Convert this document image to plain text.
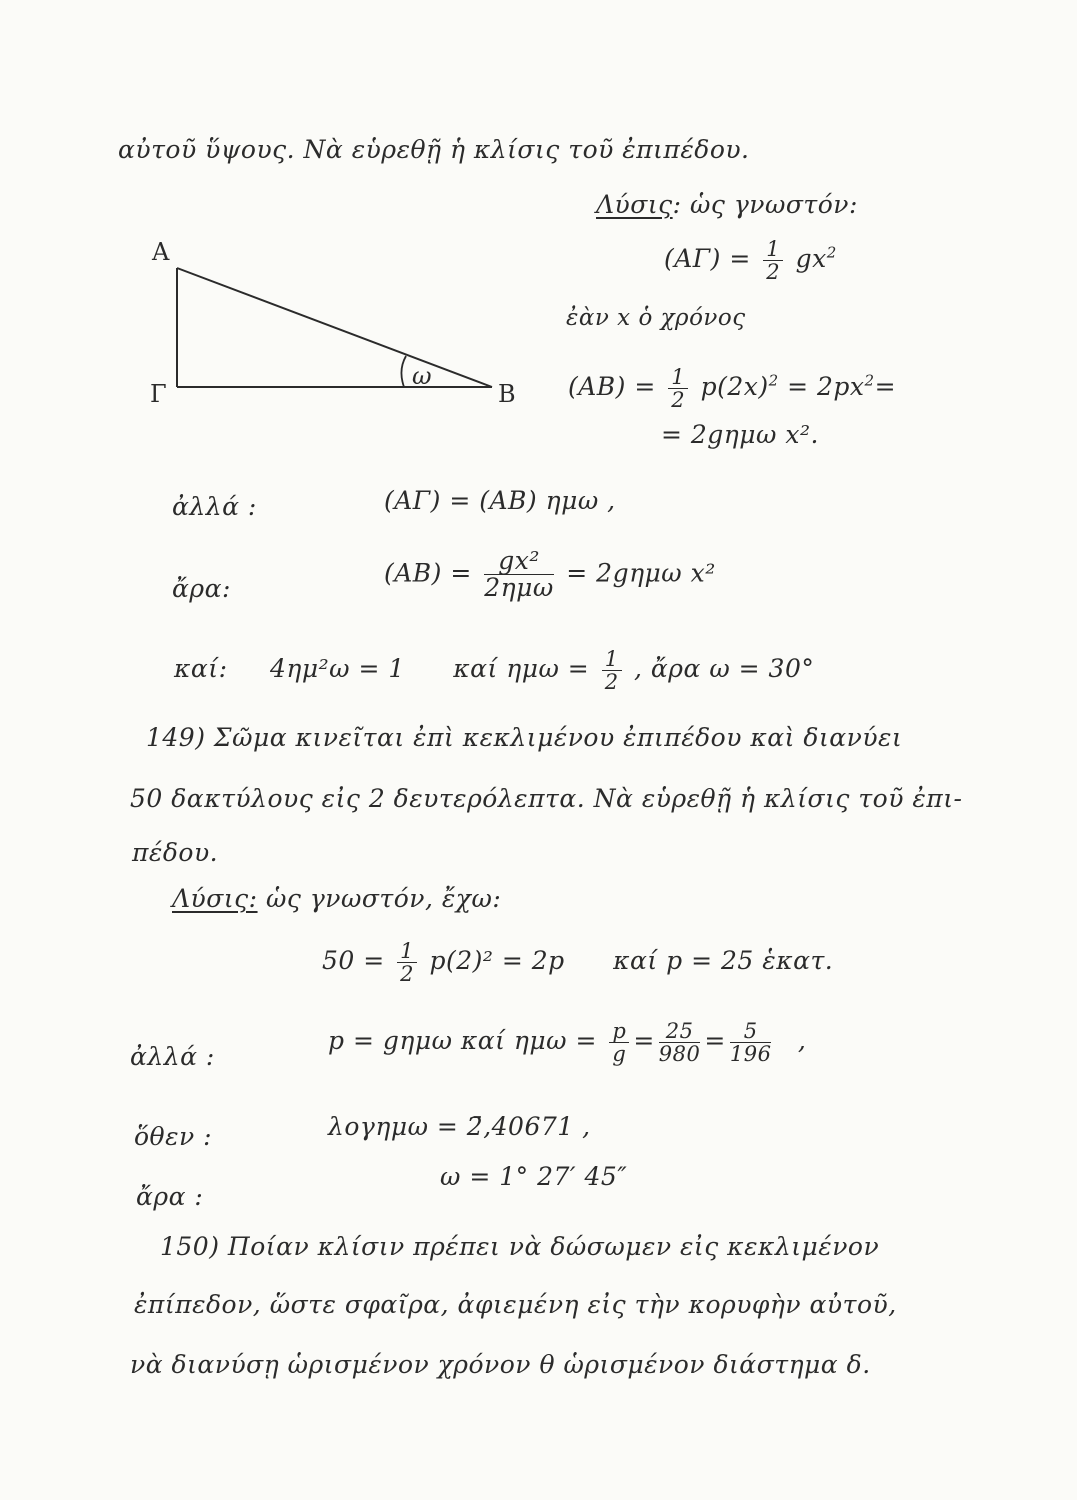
αὐτοῦ ὕψους. Νὰ εὑρεθῇ ἡ κλίσις τοῦ ἐπιπέδου.
Λύσις: ὡς γνωστόν:
Α
Γ	Β
ω
$(A\Gamma) = \frac{1}{2} gx^2$
ἐὰν x ὁ χρόνος
$(AB) = \frac{1}{2} p(2x)^2 = 2px^2=$
= 2gημω x².
ἀλλά :	(ΑΓ) = (ΑΒ) ημω ,
ἄρα:
$(AB) = \frac{\text{gx²}}{\text{2ημω}} = 2g\eta\mu\omega$ x²
καί: 4ημ²ω = 1 καί $\eta\mu\omega = \frac{1}{2}$ , ἄρα ω = 30°
149) Σῶμα κινεῖται ἐπὶ κεκλιμένου ἐπιπέδου καὶ διανύει
50 δακτύλους εἰς 2 δευτερόλεπτα. Νὰ εὑρεθῇ ἡ κλίσις τοῦ ἐπι-
πέδου.
Λύσις: ὡς γνωστόν, ἔχω:
$50 = \frac{1}{2} p(2)^2 = 2p$ καί p = 25 ἑκατ.
ἀλλά :
p = gημω καί $\eta\mu\omega = \frac{p}{g} = \frac{25}{980} = \frac{5}{196}$ ,
ὅθεν :	λογημω = 2̄,40671 ,
ἄρα :
ω = 1° 27′ 45″
150) Ποίαν κλίσιν πρέπει νὰ δώσωμεν εἰς κεκλιμένον
ἐπίπεδον, ὥστε σφαῖρα, ἀφιεμένη εἰς τὴν κορυφὴν αὐτοῦ,
νὰ διανύσῃ ὡρισμένον χρόνον θ ὡρισμένον διάστημα δ.
